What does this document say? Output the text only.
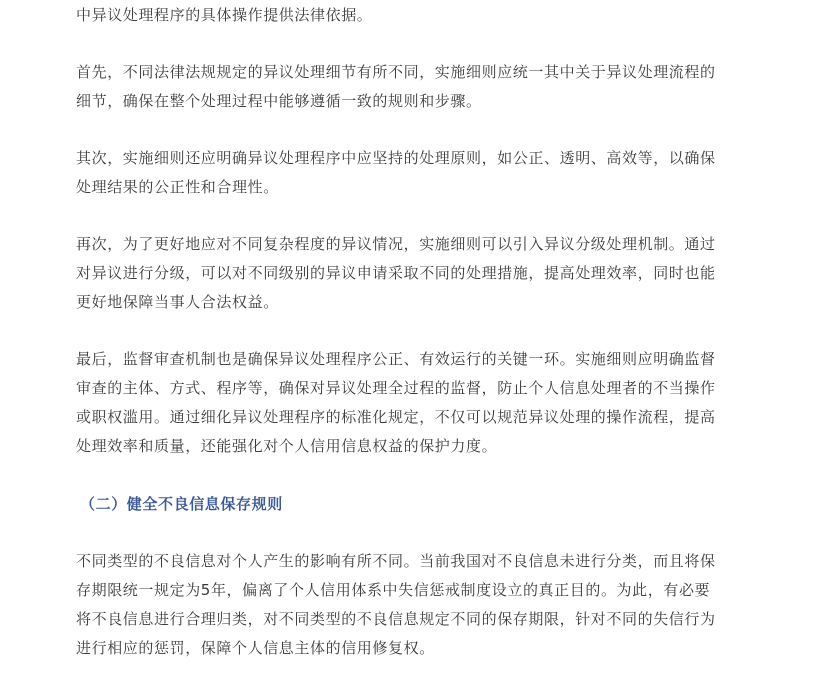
中异议处理程序的具体操作提供法律依据。

首先，不同法律法规规定的异议处理细节有所不同，实施细则应统一其中关于异议处理流程的
细节，确保在整个处理过程中能够遵循一致的规则和步骤。

其次，实施细则还应明确异议处理程序中应坚持的处理原则，如公正、透明、高效等，以确保
处理结果的公正性和合理性。

再次，为了更好地应对不同复杂程度的异议情况，实施细则可以引入异议分级处理机制。通过
对异议进行分级，可以对不同级别的异议申请采取不同的处理措施，提高处理效率，同时也能
更好地保障当事人合法权益。

最后，监督审查机制也是确保异议处理程序公正、有效运行的关键一环。实施细则应明确监督
审查的主体、方式、程序等，确保对异议处理全过程的监督，防止个人信息处理者的不当操作
或职权滥用。通过细化异议处理程序的标准化规定，不仅可以规范异议处理的操作流程，提高
处理效率和质量，还能强化对个人信用信息权益的保护力度。

（二）健全不良信息保存规则

不同类型的不良信息对个人产生的影响有所不同。当前我国对不良信息未进行分类，而且将保
存期限统一规定为5年，偏离了个人信用体系中失信惩戒制度设立的真正目的。为此，有必要
将不良信息进行合理归类，对不同类型的不良信息规定不同的保存期限，针对不同的失信行为
进行相应的惩罚，保障个人信息主体的信用修复权。
